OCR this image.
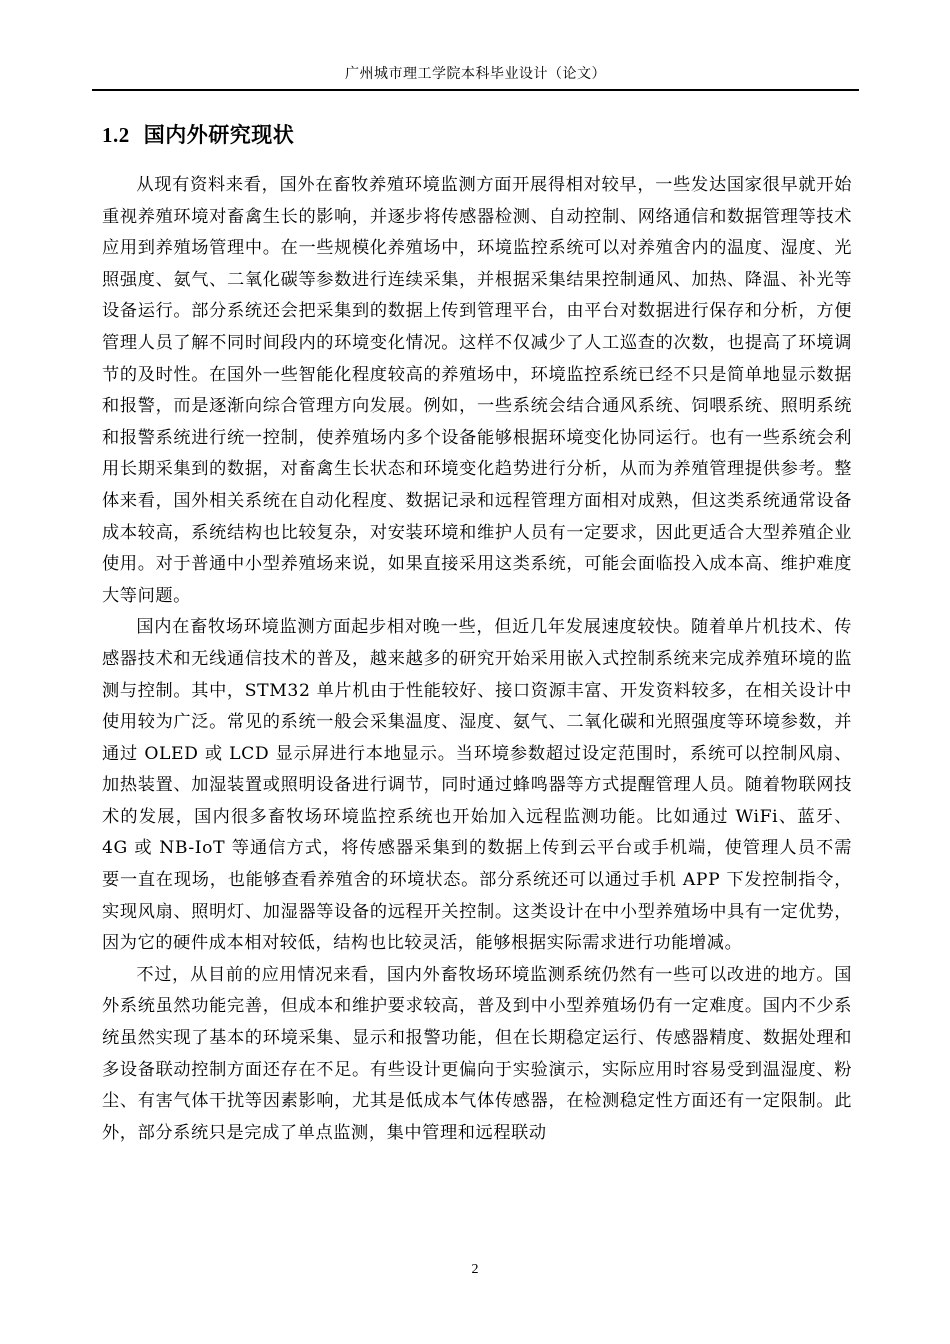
广州城市理工学院本科毕业设计（论文）
1.2 国内外研究现状

从现有资料来看，国外在畜牧养殖环境监测方面开展得相对较早，一些发达国家很早就开始重视养殖环境对畜禽生长的影响，并逐步将传感器检测、自动控制、网络通信和数据管理等技术应用到养殖场管理中。在一些规模化养殖场中，环境监控系统可以对养殖舍内的温度、湿度、光照强度、氨气、二氧化碳等参数进行连续采集，并根据采集结果控制通风、加热、降温、补光等设备运行。部分系统还会把采集到的数据上传到管理平台，由平台对数据进行保存和分析，方便管理人员了解不同时间段内的环境变化情况。这样不仅减少了人工巡查的次数，也提高了环境调节的及时性。在国外一些智能化程度较高的养殖场中，环境监控系统已经不只是简单地显示数据和报警，而是逐渐向综合管理方向发展。例如，一些系统会结合通风系统、饲喂系统、照明系统和报警系统进行统一控制，使养殖场内多个设备能够根据环境变化协同运行。也有一些系统会利用长期采集到的数据，对畜禽生长状态和环境变化趋势进行分析，从而为养殖管理提供参考。整体来看，国外相关系统在自动化程度、数据记录和远程管理方面相对成熟，但这类系统通常设备成本较高，系统结构也比较复杂，对安装环境和维护人员有一定要求，因此更适合大型养殖企业使用。对于普通中小型养殖场来说，如果直接采用这类系统，可能会面临投入成本高、维护难度大等问题。

国内在畜牧场环境监测方面起步相对晚一些，但近几年发展速度较快。随着单片机技术、传感器技术和无线通信技术的普及，越来越多的研究开始采用嵌入式控制系统来完成养殖环境的监测与控制。其中，STM32 单片机由于性能较好、接口资源丰富、开发资料较多，在相关设计中使用较为广泛。常见的系统一般会采集温度、湿度、氨气、二氧化碳和光照强度等环境参数，并通过 OLED 或 LCD 显示屏进行本地显示。当环境参数超过设定范围时，系统可以控制风扇、加热装置、加湿装置或照明设备进行调节，同时通过蜂鸣器等方式提醒管理人员。随着物联网技术的发展，国内很多畜牧场环境监控系统也开始加入远程监测功能。比如通过 WiFi、蓝牙、4G 或 NB-IoT 等通信方式，将传感器采集到的数据上传到云平台或手机端，使管理人员不需要一直在现场，也能够查看养殖舍的环境状态。部分系统还可以通过手机 APP 下发控制指令，实现风扇、照明灯、加湿器等设备的远程开关控制。这类设计在中小型养殖场中具有一定优势，因为它的硬件成本相对较低，结构也比较灵活，能够根据实际需求进行功能增减。

不过，从目前的应用情况来看，国内外畜牧场环境监测系统仍然有一些可以改进的地方。国外系统虽然功能完善，但成本和维护要求较高，普及到中小型养殖场仍有一定难度。国内不少系统虽然实现了基本的环境采集、显示和报警功能，但在长期稳定运行、传感器精度、数据处理和多设备联动控制方面还存在不足。有些设计更偏向于实验演示，实际应用时容易受到温湿度、粉尘、有害气体干扰等因素影响，尤其是低成本气体传感器，在检测稳定性方面还有一定限制。此外，部分系统只是完成了单点监测，集中管理和远程联动

2
